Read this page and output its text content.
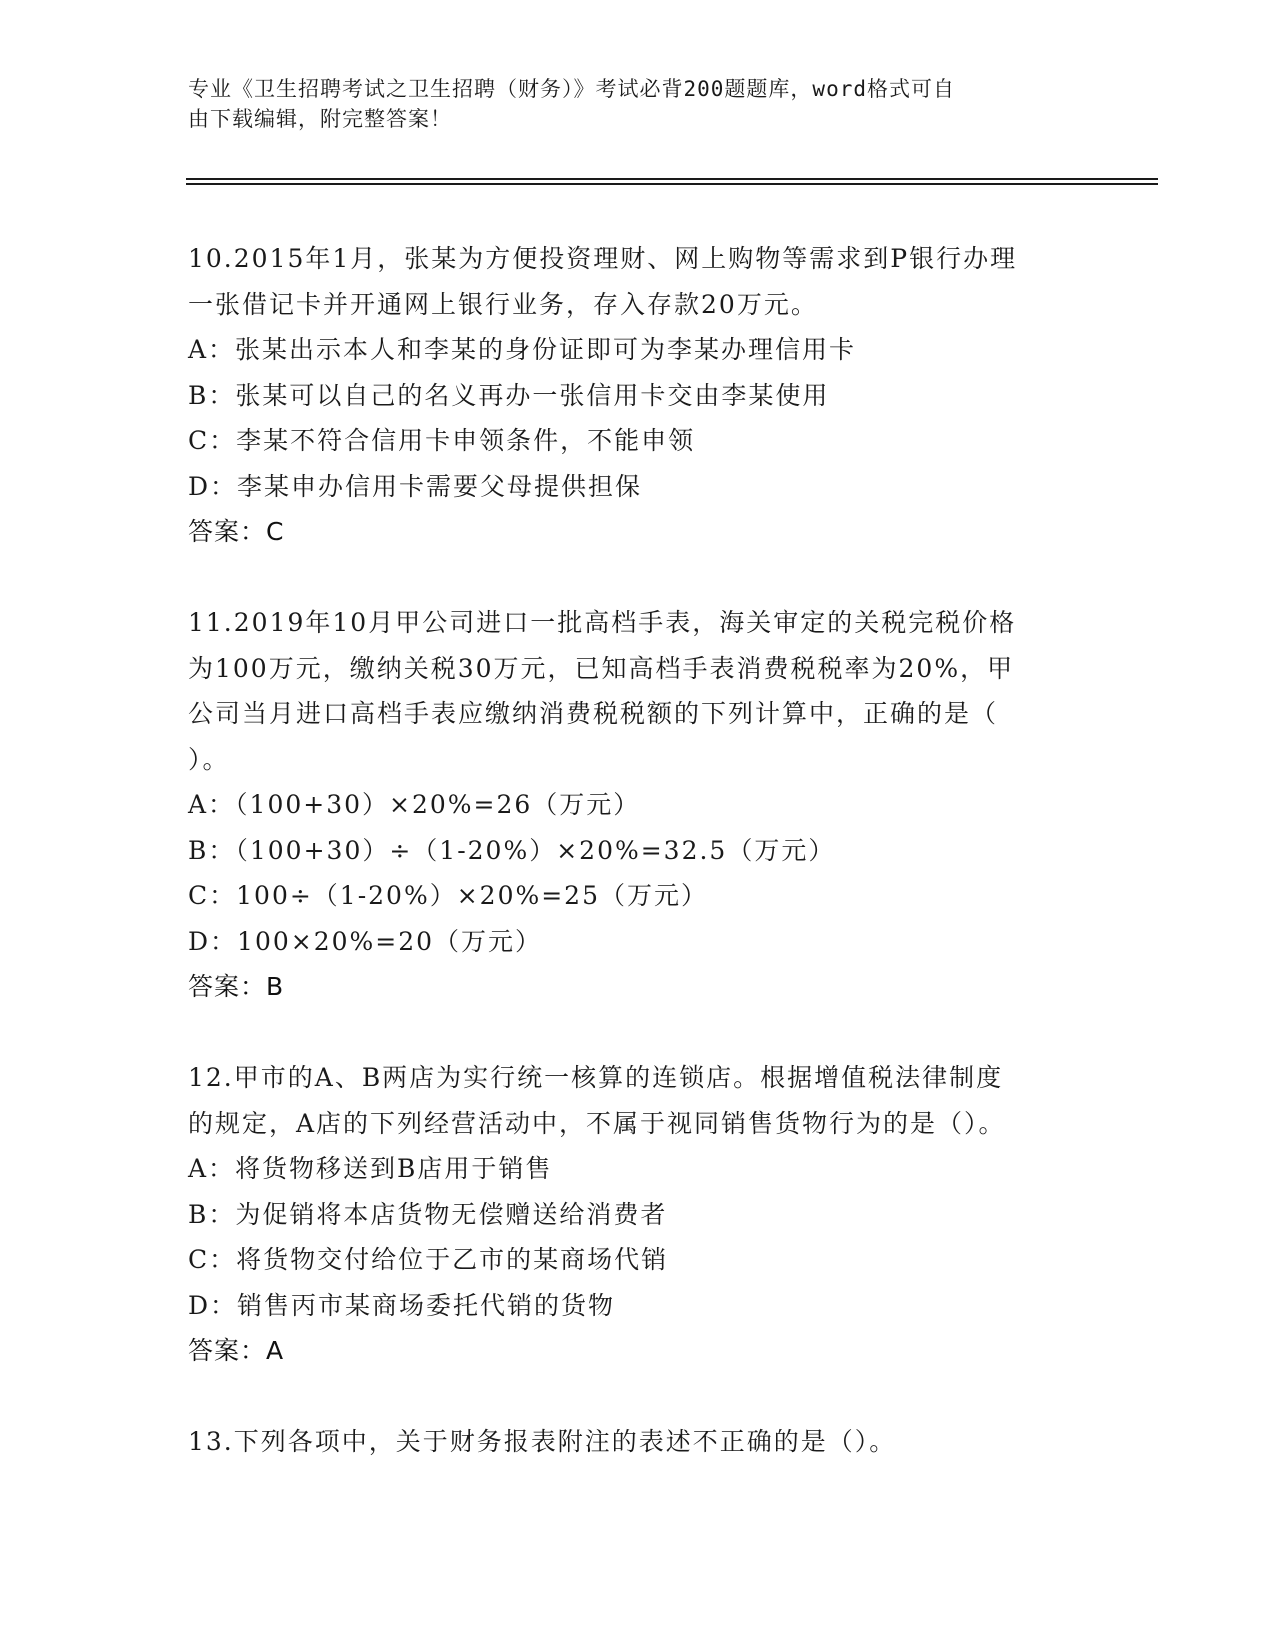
专业《卫生招聘考试之卫生招聘（财务）》考试必背200题题库，word格式可自
由下载编辑，附完整答案！

10.2015年1月，张某为方便投资理财、网上购物等需求到P银行办理

一张借记卡并开通网上银行业务，存入存款20万元。

A：张某出示本人和李某的身份证即可为李某办理信用卡

B：张某可以自己的名义再办一张信用卡交由李某使用

C：李某不符合信用卡申领条件，不能申领

D：李某申办信用卡需要父母提供担保

答案：C

11.2019年10月甲公司进口一批高档手表，海关审定的关税完税价格

为100万元，缴纳关税30万元，已知高档手表消费税税率为20%，甲

公司当月进口高档手表应缴纳消费税税额的下列计算中，正确的是（

）。

A：（100+30）×20%=26（万元）

B：（100+30）÷（1-20%）×20%=32.5（万元）

C：100÷（1-20%）×20%=25（万元）

D：100×20%=20（万元）

答案：B

12.甲市的A、B两店为实行统一核算的连锁店。根据增值税法律制度

的规定，A店的下列经营活动中，不属于视同销售货物行为的是（）。

A：将货物移送到B店用于销售

B：为促销将本店货物无偿赠送给消费者

C：将货物交付给位于乙市的某商场代销

D：销售丙市某商场委托代销的货物

答案：A

13.下列各项中，关于财务报表附注的表述不正确的是（）。
